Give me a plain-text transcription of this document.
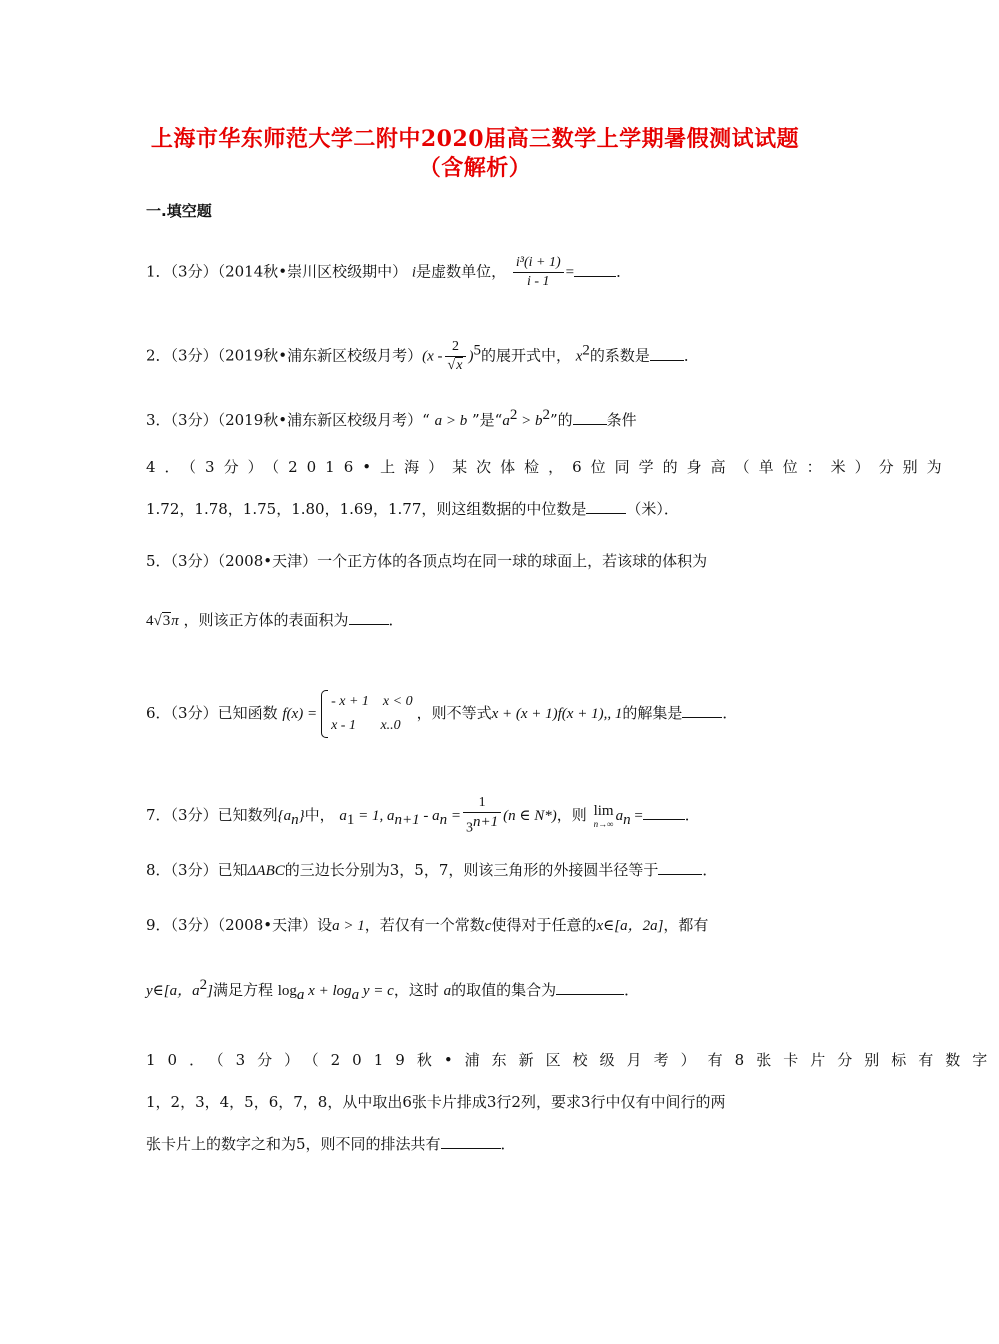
上海市华东师范大学二附中2020届高三数学上学期暑假测试试题
（含解析）
一.填空题
1．（3分）（2014秋•崇川区校级期中） i是虚数单位， $\frac{\text{i³(i + 1)}}{i - 1}$ =	．
2．（3分）（2019秋•浦东新区校级月考）$(x - \frac{2}{√x} )^5$的展开式中， $x^2$的系数是 ．
3．（3分）（2019秋•浦东新区校级月考）“ a > b ”是“$a^2 > b^2$”的 条件
4．（3分）（2016•上海）某次体检，6位同学的身高（单位：米）分别为
1.72，1.78，1.75，1.80，1.69，1.77，则这组数据的中位数是	（米）．
5．（3分）（2008•天津）一个正方体的各顶点均在同一球的球面上，若该球的体积为
4√3π ，则该正方体的表面积为	．
6．（3分）已知函数 f(x) =
- x + 1 x < 0
x - 1 x..0
，则不等式x + (x + 1)f(x + 1),, 1的解集是	．
7．（3分）已知数列$\{a_n\}$中， $a_1 = 1$, $a_{n+1} - a_n = \frac{1}{3^{n+1}} (n$ ∈ N*)，则 lim
n→∞ $a_n$ =	．
8．（3分）已知ΔABC的三边长分别为3，5，7，则该三角形的外接圆半径等于	．
9．（3分）（2008•天津）设a > 1，若仅有一个常数c使得对于任意的x∈[a，2a]，都有
y∈[a，$a^2$]满足方程 $\log_a x + \log_a y = c$，这时 a的取值的集合为	．
10．（3分）（2019秋•浦东新区校级月考）有8张卡片分别标有数字
1，2，3，4，5，6，7，8，从中取出6张卡片排成3行2列，要求3行中仅有中间行的两
张卡片上的数字之和为5，则不同的排法共有	．
